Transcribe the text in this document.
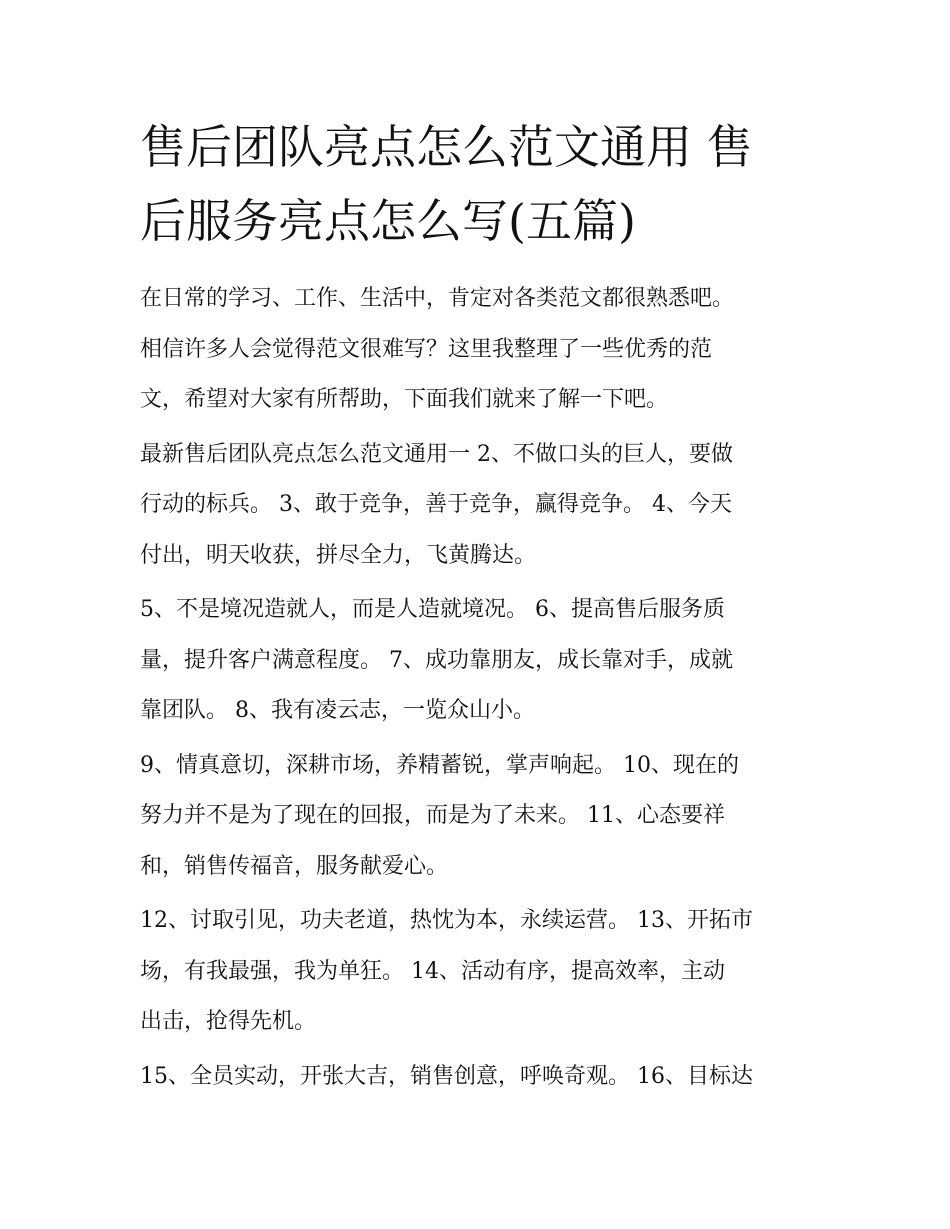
售后团队亮点怎么范文通用 售
后服务亮点怎么写(五篇)
在日常的学习、工作、生活中，肯定对各类范文都很熟悉吧。
相信许多人会觉得范文很难写？这里我整理了一些优秀的范
文，希望对大家有所帮助，下面我们就来了解一下吧。
最新售后团队亮点怎么范文通用一 2、不做口头的巨人，要做
行动的标兵。 3、敢于竞争，善于竞争，赢得竞争。 4、今天
付出，明天收获，拼尽全力，飞黄腾达。
5、不是境况造就人，而是人造就境况。 6、提高售后服务质
量，提升客户满意程度。 7、成功靠朋友，成长靠对手，成就
靠团队。 8、我有凌云志，一览众山小。
9、情真意切，深耕市场，养精蓄锐，掌声响起。 10、现在的
努力并不是为了现在的回报，而是为了未来。 11、心态要祥
和，销售传福音，服务献爱心。
12、讨取引见，功夫老道，热忱为本，永续运营。 13、开拓市
场，有我最强，我为单狂。 14、活动有序，提高效率，主动
出击，抢得先机。
15、全员实动，开张大吉，销售创意，呼唤奇观。 16、目标达
